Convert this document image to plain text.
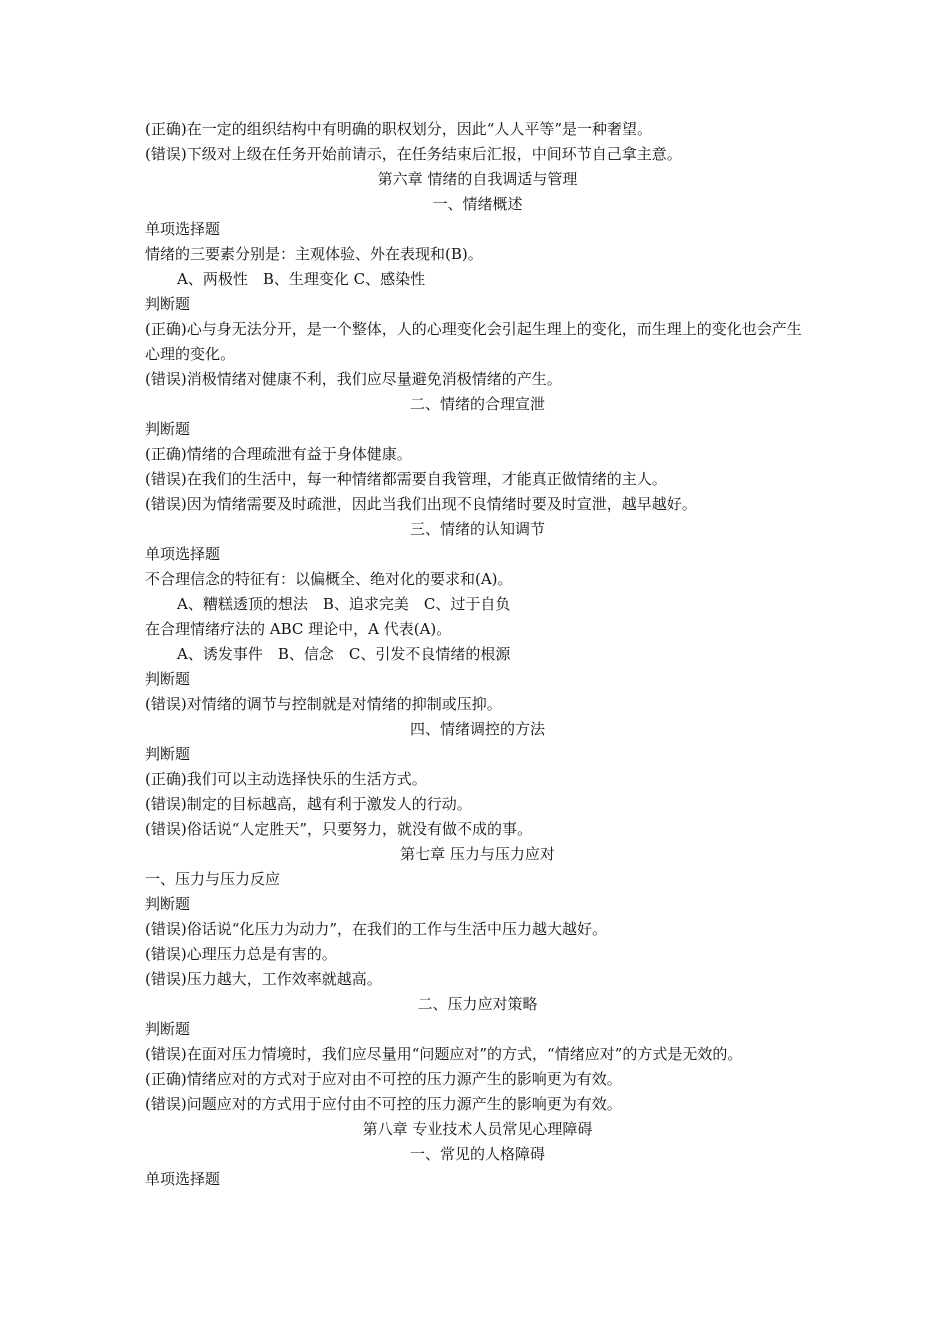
(正确)在一定的组织结构中有明确的职权划分，因此“人人平等”是一种奢望。
(错误)下级对上级在任务开始前请示，在任务结束后汇报，中间环节自己拿主意。
第六章 情绪的自我调适与管理
一、情绪概述
单项选择题
情绪的三要素分别是：主观体验、外在表现和(B)。
A、两极性　B、生理变化 C、感染性
判断题
(正确)心与身无法分开，是一个整体，人的心理变化会引起生理上的变化，而生理上的变化也会产生心理的变化。
(错误)消极情绪对健康不利，我们应尽量避免消极情绪的产生。
二、情绪的合理宣泄
判断题
(正确)情绪的合理疏泄有益于身体健康。
(错误)在我们的生活中，每一种情绪都需要自我管理，才能真正做情绪的主人。
(错误)因为情绪需要及时疏泄，因此当我们出现不良情绪时要及时宣泄，越早越好。
三、情绪的认知调节
单项选择题
不合理信念的特征有：以偏概全、绝对化的要求和(A)。
A、糟糕透顶的想法　B、追求完美　C、过于自负
在合理情绪疗法的 ABC 理论中，A 代表(A)。
A、诱发事件　B、信念　C、引发不良情绪的根源
判断题
(错误)对情绪的调节与控制就是对情绪的抑制或压抑。
四、情绪调控的方法
判断题
(正确)我们可以主动选择快乐的生活方式。
(错误)制定的目标越高，越有利于激发人的行动。
(错误)俗话说“人定胜天”，只要努力，就没有做不成的事。
第七章 压力与压力应对
一、压力与压力反应
判断题
(错误)俗话说“化压力为动力”，在我们的工作与生活中压力越大越好。
(错误)心理压力总是有害的。
(错误)压力越大，工作效率就越高。
二、压力应对策略
判断题
(错误)在面对压力情境时，我们应尽量用“问题应对”的方式，“情绪应对”的方式是无效的。
(正确)情绪应对的方式对于应对由不可控的压力源产生的影响更为有效。
(错误)问题应对的方式用于应付由不可控的压力源产生的影响更为有效。
第八章 专业技术人员常见心理障碍
一、常见的人格障碍
单项选择题
